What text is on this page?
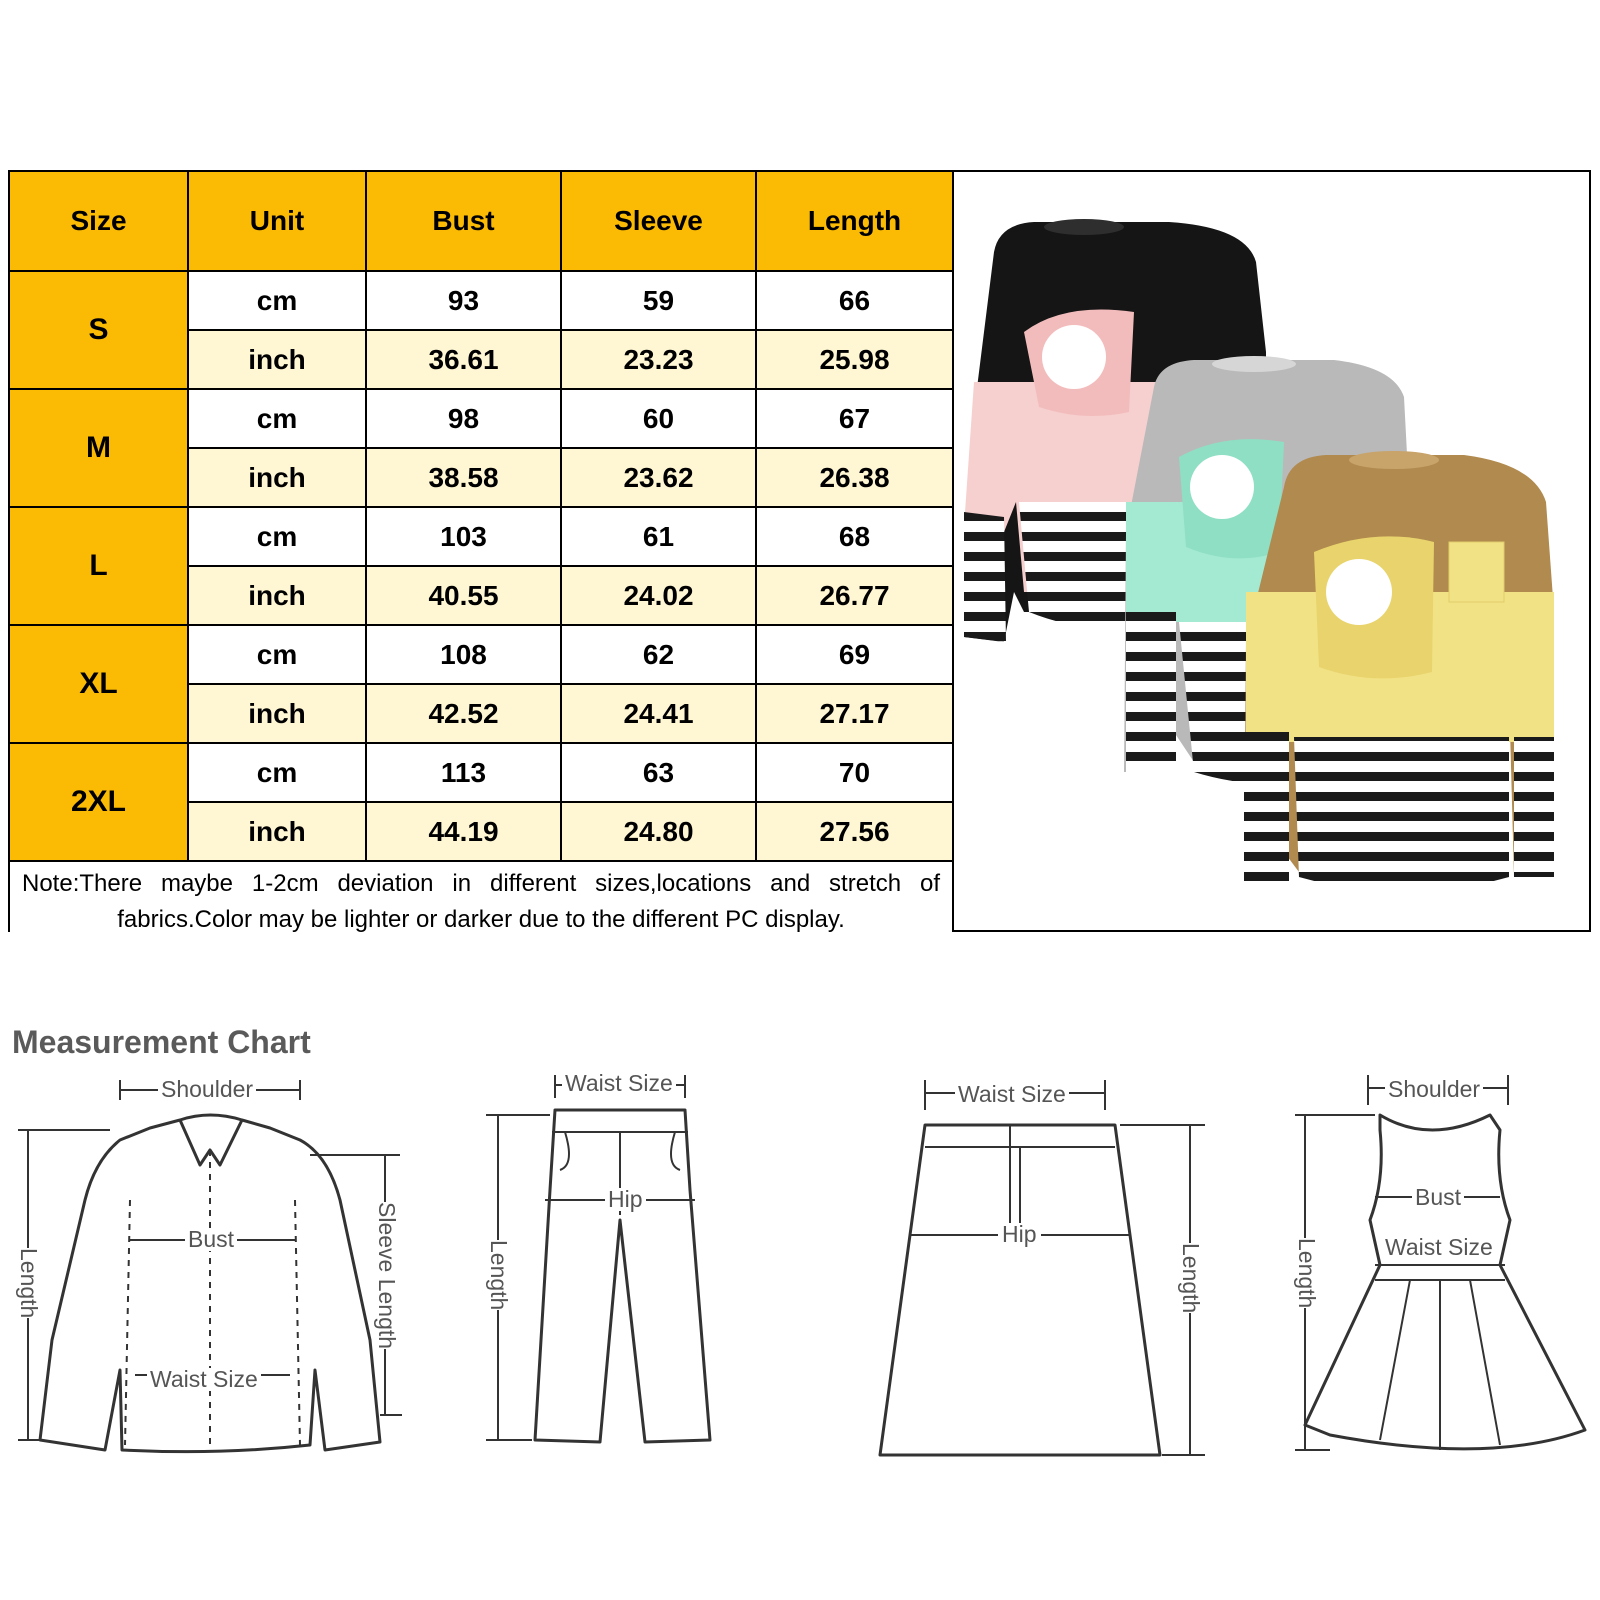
Size	Unit	Bust	Sleeve	Length
S	cm	93	59	66
	inch	36.61	23.23	25.98
M	cm	98	60	67
	inch	38.58	23.62	26.38
L	cm	103	61	68
	inch	40.55	24.02	26.77
XL	cm	108	62	69
	inch	42.52	24.41	27.17
2XL	cm	113	63	70
	inch	44.19	24.80	27.56
Note:There maybe 1-2cm deviation in different sizes,locations and stretch of fabrics.Color may be lighter or darker due to the different PC display.				
Measurement Chart
Shoulder
Bust
Waist Size
Length	Sleeve Length
Waist Size
Hip
Length
Waist Size
Hip
Length
Shoulder
Bust
Waist Size
Length
